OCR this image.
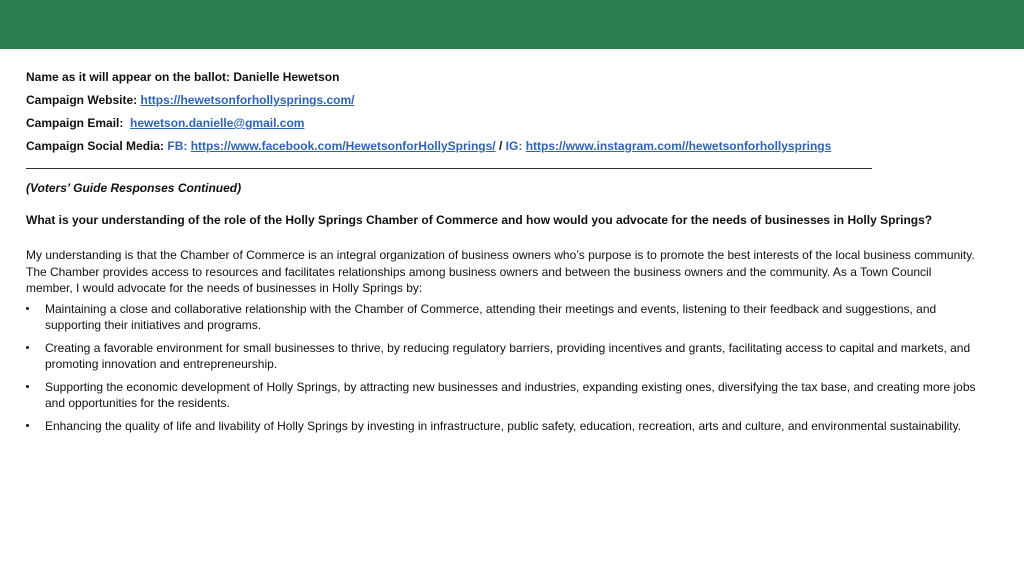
Name as it will appear on the ballot: Danielle Hewetson
Campaign Website: https://hewetsonforhollysprings.com/
Campaign Email: hewetson.danielle@gmail.com
Campaign Social Media: FB: https://www.facebook.com/HewetsonforHollySprings/ / IG: https://www.instagram.com//hewetsonforhollysprings
(Voters’ Guide Responses Continued)
What is your understanding of the role of the Holly Springs Chamber of Commerce and how would you advocate for the needs of businesses in Holly Springs?
My understanding is that the Chamber of Commerce is an integral organization of business owners who’s purpose is to promote the best interests of the local business community. The Chamber provides access to resources and facilitates relationships among business owners and between the business owners and the community. As a Town Council member, I would advocate for the needs of businesses in Holly Springs by:
Maintaining a close and collaborative relationship with the Chamber of Commerce, attending their meetings and events, listening to their feedback and suggestions, and supporting their initiatives and programs.
Creating a favorable environment for small businesses to thrive, by reducing regulatory barriers, providing incentives and grants, facilitating access to capital and markets, and promoting innovation and entrepreneurship.
Supporting the economic development of Holly Springs, by attracting new businesses and industries, expanding existing ones, diversifying the tax base, and creating more jobs and opportunities for the residents.
Enhancing the quality of life and livability of Holly Springs by investing in infrastructure, public safety, education, recreation, arts and culture, and environmental sustainability.
